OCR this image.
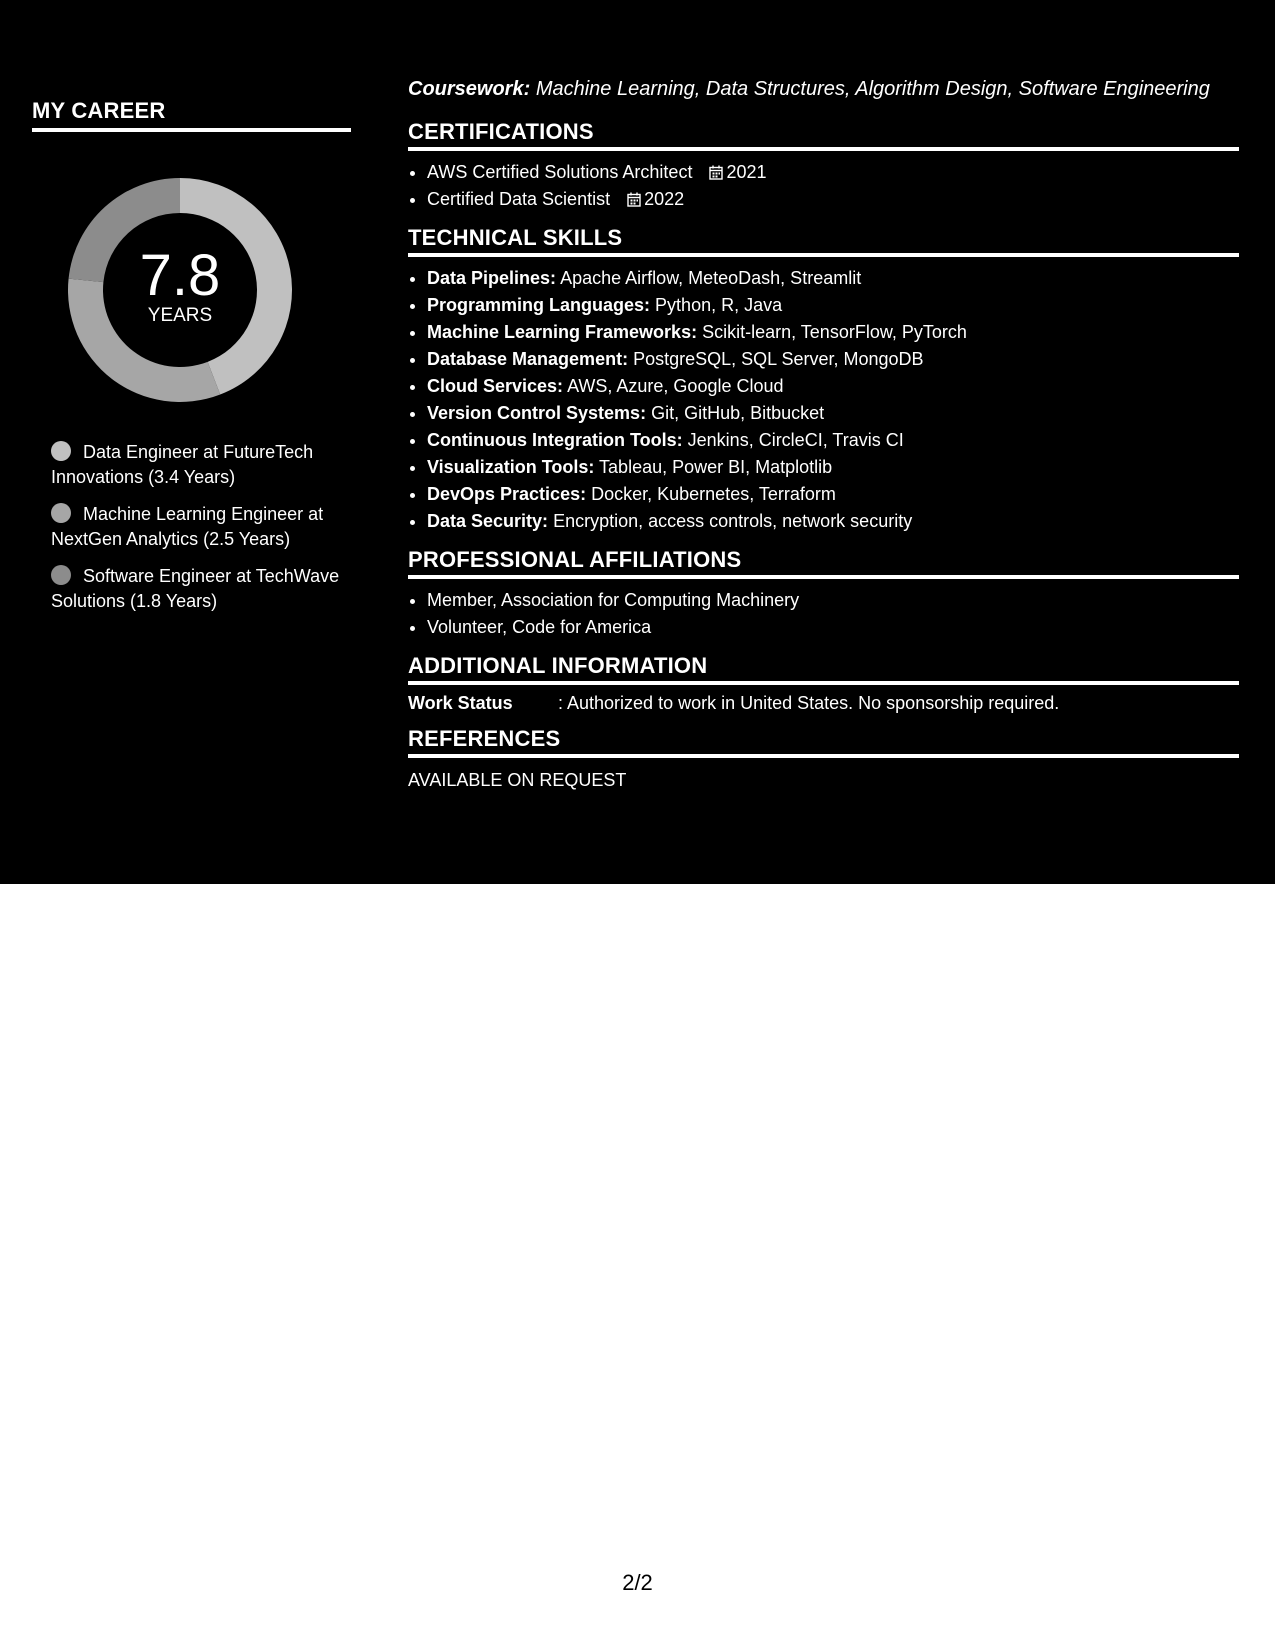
MY CAREER
7.8
YEARS
Data Engineer at FutureTech Innovations (3.4 Years)
Machine Learning Engineer at NextGen Analytics (2.5 Years)
Software Engineer at TechWave Solutions (1.8 Years)

Coursework: Machine Learning, Data Structures, Algorithm Design, Software Engineering

CERTIFICATIONS
• AWS Certified Solutions Architect 2021
• Certified Data Scientist 2022
TECHNICAL SKILLS
• Data Pipelines: Apache Airflow, MeteoDash, Streamlit
• Programming Languages: Python, R, Java
• Machine Learning Frameworks: Scikit-learn, TensorFlow, PyTorch
• Database Management: PostgreSQL, SQL Server, MongoDB
• Cloud Services: AWS, Azure, Google Cloud
• Version Control Systems: Git, GitHub, Bitbucket
• Continuous Integration Tools: Jenkins, CircleCI, Travis CI
• Visualization Tools: Tableau, Power BI, Matplotlib
• DevOps Practices: Docker, Kubernetes, Terraform
• Data Security: Encryption, access controls, network security
PROFESSIONAL AFFILIATIONS
• Member, Association for Computing Machinery
• Volunteer, Code for America
ADDITIONAL INFORMATION
Work Status	: Authorized to work in United States. No sponsorship required.
REFERENCES
AVAILABLE ON REQUEST
2/2
